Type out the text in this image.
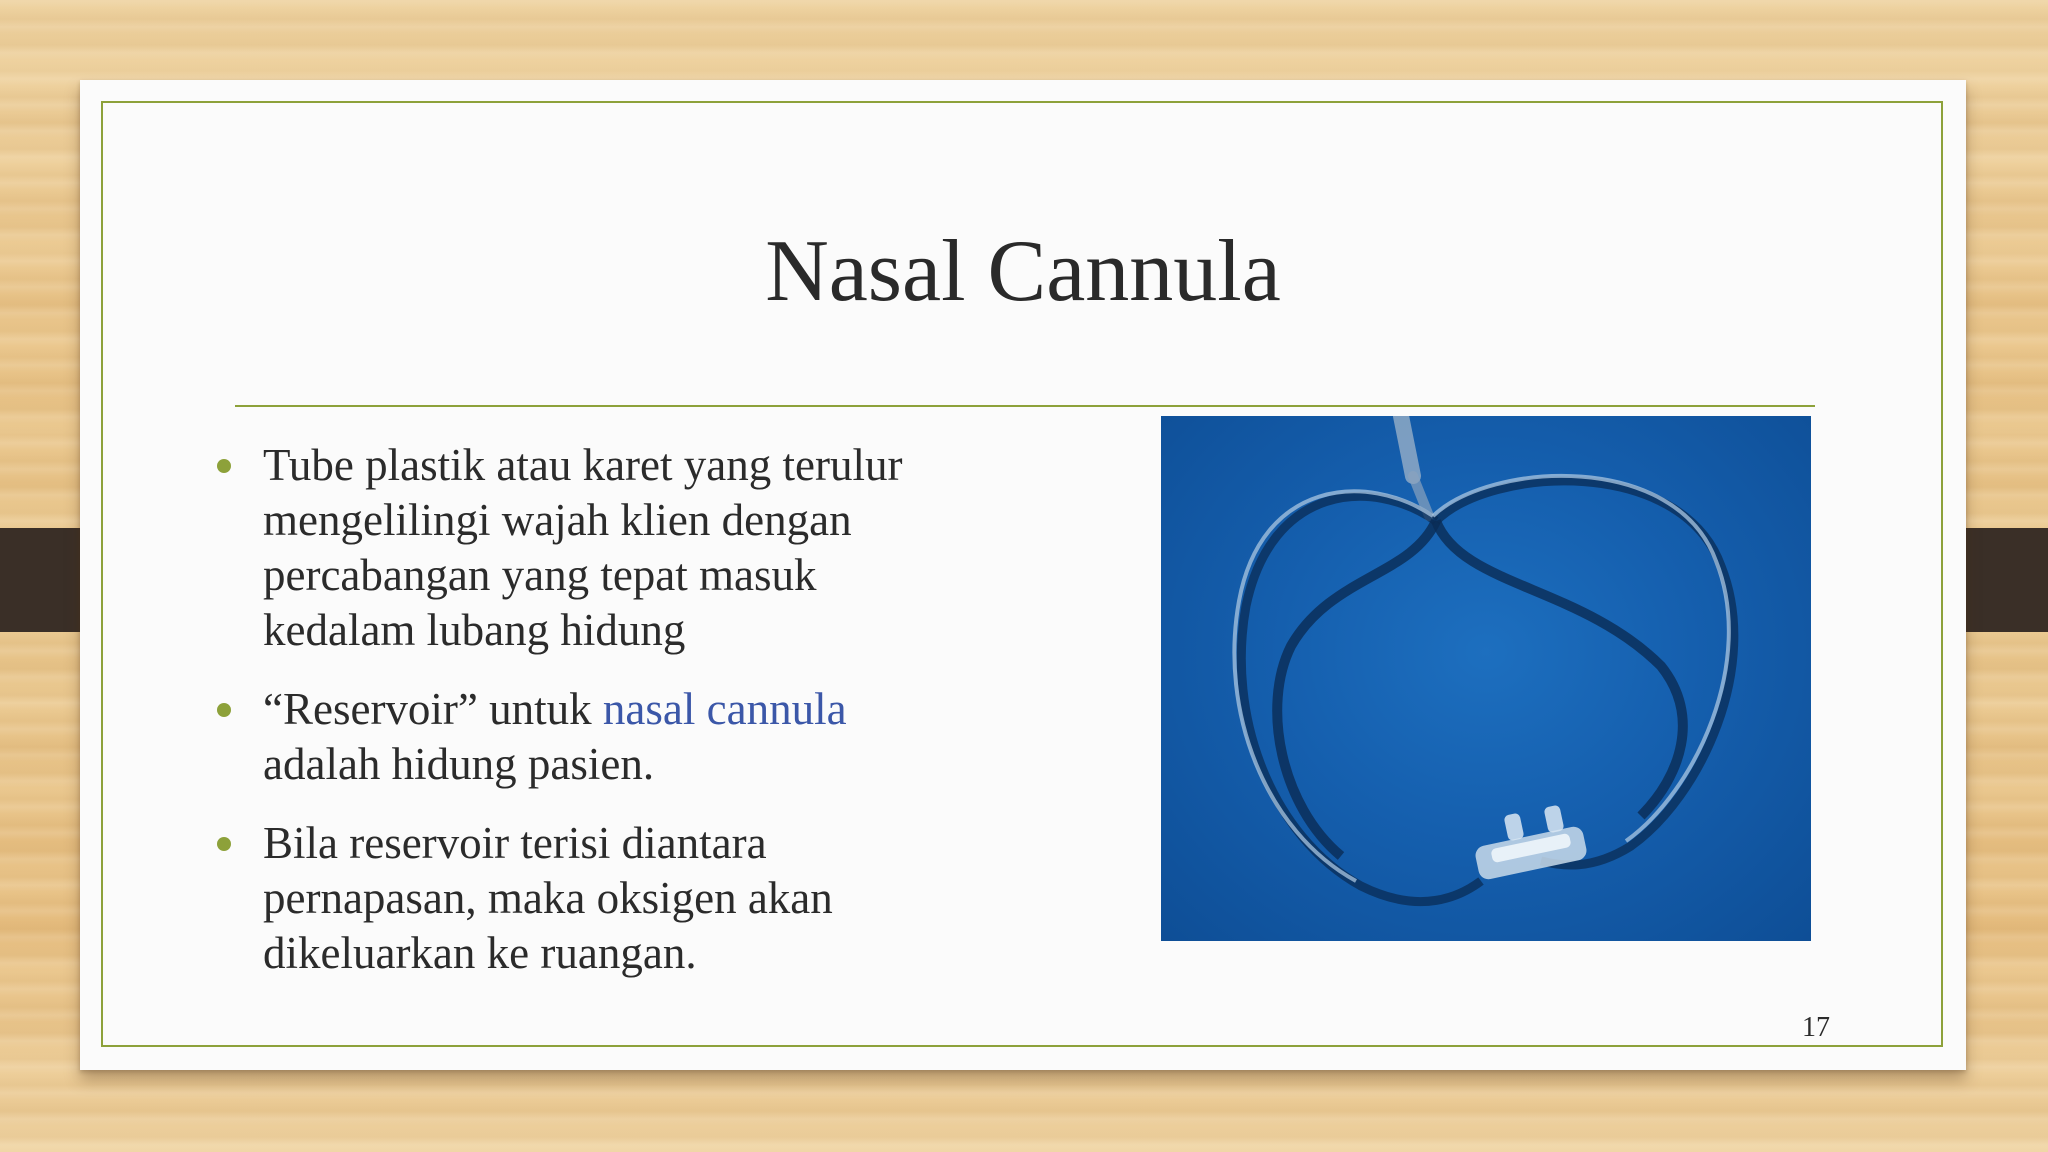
Nasal Cannula
Tube plastik atau karet yang terulur mengelilingi wajah klien dengan percabangan yang tepat masuk kedalam lubang hidung
“Reservoir” untuk nasal cannula adalah hidung pasien.
Bila reservoir terisi diantara pernapasan, maka oksigen akan dikeluarkan ke ruangan.
17
